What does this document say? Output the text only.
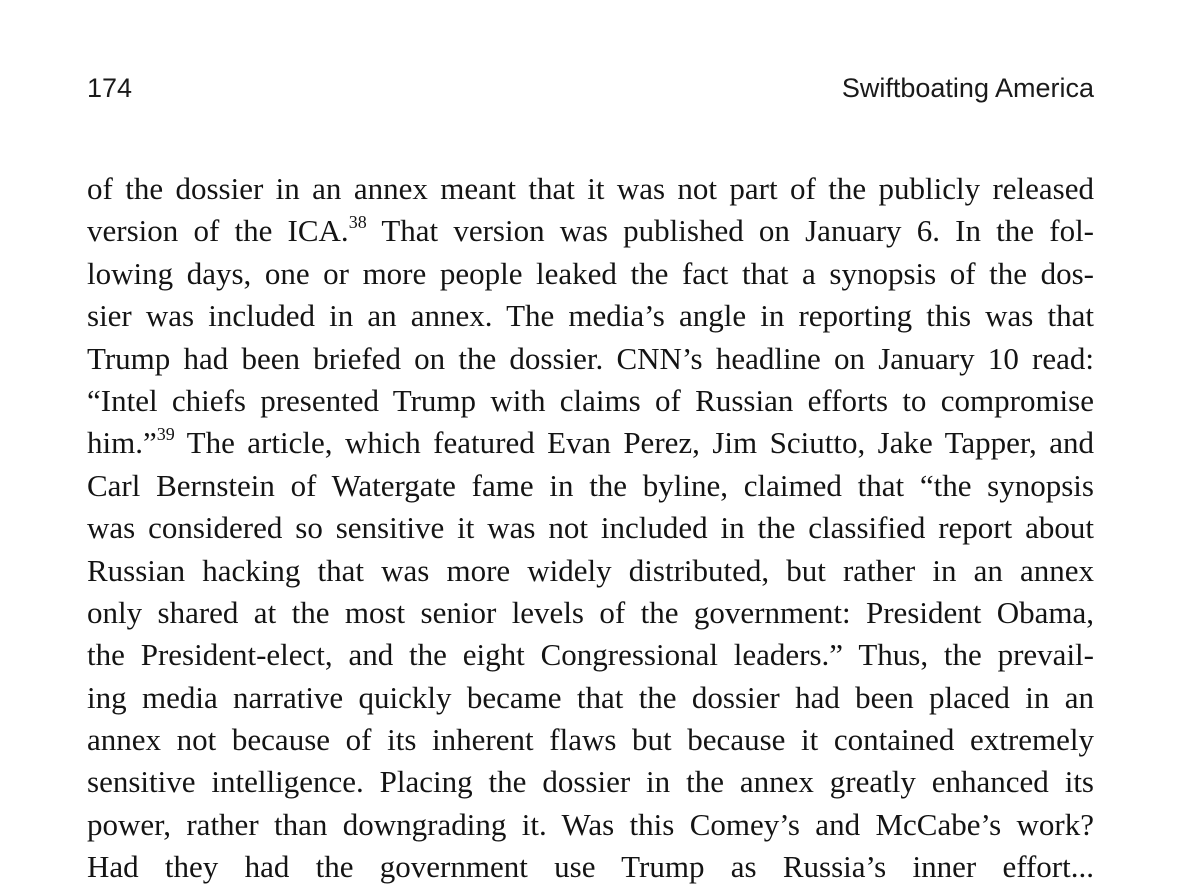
174	Swiftboating America
of the dossier in an annex meant that it was not part of the publicly released
version of the ICA.$^{38}$ That version was published on January 6. In the fol-
lowing days, one or more people leaked the fact that a synopsis of the dos-
sier was included in an annex. The media’s angle in reporting this was that
Trump had been briefed on the dossier. CNN’s headline on January 10 read:
“Intel chiefs presented Trump with claims of Russian efforts to compromise
him.”$^{39}$ The article, which featured Evan Perez, Jim Sciutto, Jake Tapper, and
Carl Bernstein of Watergate fame in the byline, claimed that “the synopsis
was considered so sensitive it was not included in the classified report about
Russian hacking that was more widely distributed, but rather in an annex
only shared at the most senior levels of the government: President Obama,
the President-elect, and the eight Congressional leaders.” Thus, the prevail-
ing media narrative quickly became that the dossier had been placed in an
annex not because of its inherent flaws but because it contained extremely
sensitive intelligence. Placing the dossier in the annex greatly enhanced its
power, rather than downgrading it. Was this Comey’s and McCabe’s work?
Had they had the government use Trump as Russia’s inner effort...
